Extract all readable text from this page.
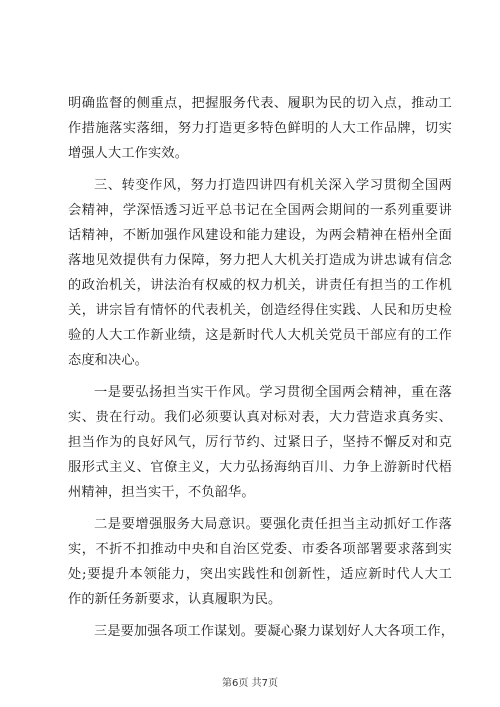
明确监督的侧重点，把握服务代表、履职为民的切入点，推动工
作措施落实落细，努力打造更多特色鲜明的人大工作品牌，切实
增强人大工作实效。
三、转变作风，努力打造四讲四有机关深入学习贯彻全国两
会精神，学深悟透习近平总书记在全国两会期间的一系列重要讲
话精神，不断加强作风建设和能力建设，为两会精神在梧州全面
落地见效提供有力保障，努力把人大机关打造成为讲忠诚有信念
的政治机关，讲法治有权威的权力机关，讲责任有担当的工作机
关，讲宗旨有情怀的代表机关，创造经得住实践、人民和历史检
验的人大工作新业绩，这是新时代人大机关党员干部应有的工作
态度和决心。
一是要弘扬担当实干作风。学习贯彻全国两会精神，重在落
实、贵在行动。我们必须要认真对标对表，大力营造求真务实、
担当作为的良好风气，厉行节约、过紧日子，坚持不懈反对和克
服形式主义、官僚主义，大力弘扬海纳百川、力争上游新时代梧
州精神，担当实干，不负韶华。
二是要增强服务大局意识。要强化责任担当主动抓好工作落
实，不折不扣推动中央和自治区党委、市委各项部署要求落到实
处;要提升本领能力，突出实践性和创新性，适应新时代人大工
作的新任务新要求，认真履职为民。
三是要加强各项工作谋划。要凝心聚力谋划好人大各项工作，
第6页 共7页
